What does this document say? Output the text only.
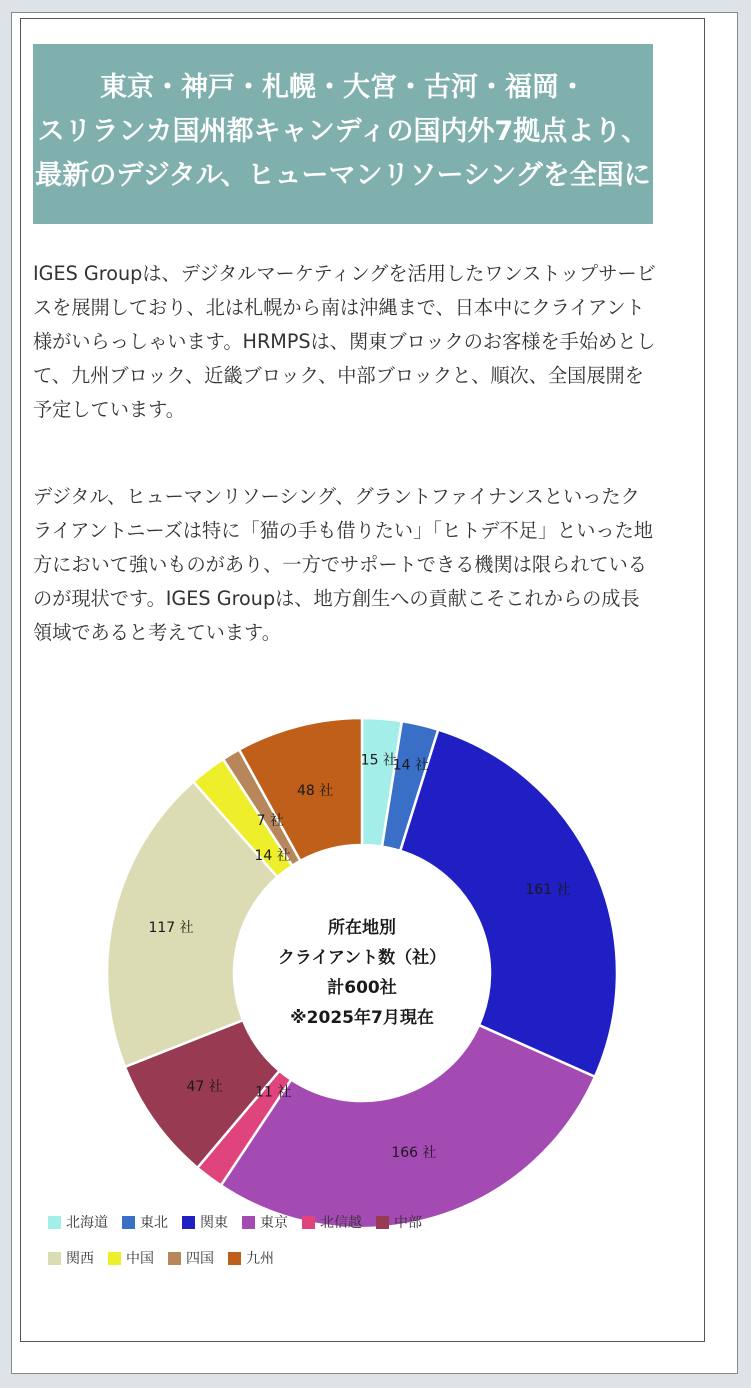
東京・神戸・札幌・大宮・古河・福岡・
スリランカ国州都キャンディの国内外7拠点より、
最新のデジタル、ヒューマンリソーシングを全国に

IGES Groupは、デジタルマーケティングを活用したワンストップサービスを展開しており、北は札幌から南は沖縄まで、日本中にクライアント様がいらっしゃいます。HRMPSは、関東ブロックのお客様を手始めとして、九州ブロック、近畿ブロック、中部ブロックと、順次、全国展開を予定しています。

デジタル、ヒューマンリソーシング、グラントファイナンスといったクライアントニーズは特に「猫の手も借りたい」「ヒトデ不足」といった地方において強いものがあり、一方でサポートできる機関は限られているのが現状です。IGES Groupは、地方創生への貢献こそこれからの成長領域であると考えています。

15 社
14 社
161 社
166 社
11 社
47 社
117 社
14 社
7 社
48 社
所在地別
クライアント数（社）
計600社
※2025年7月現在
北海道 東北 関東 東京 北信越 中部
関西 中国 四国 九州
